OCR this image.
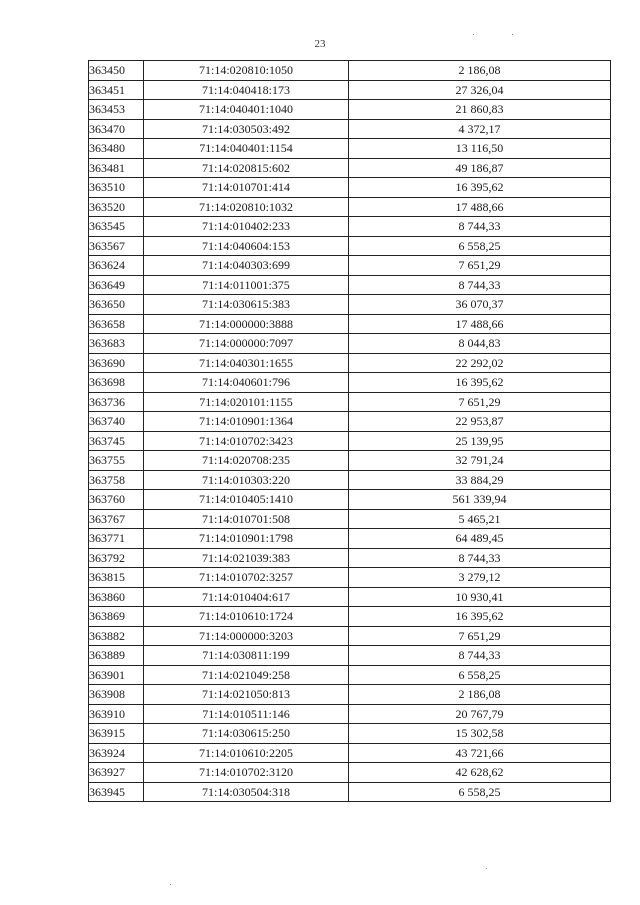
23
363450	71:14:020810:1050	2 186,08
363451	71:14:040418:173	27 326,04
363453	71:14:040401:1040	21 860,83
363470	71:14:030503:492	4 372,17
363480	71:14:040401:1154	13 116,50
363481	71:14:020815:602	49 186,87
363510	71:14:010701:414	16 395,62
363520	71:14:020810:1032	17 488,66
363545	71:14:010402:233	8 744,33
363567	71:14:040604:153	6 558,25
363624	71:14:040303:699	7 651,29
363649	71:14:011001:375	8 744,33
363650	71:14:030615:383	36 070,37
363658	71:14:000000:3888	17 488,66
363683	71:14:000000:7097	8 044,83
363690	71:14:040301:1655	22 292,02
363698	71:14:040601:796	16 395,62
363736	71:14:020101:1155	7 651,29
363740	71:14:010901:1364	22 953,87
363745	71:14:010702:3423	25 139,95
363755	71:14:020708:235	32 791,24
363758	71:14:010303:220	33 884,29
363760	71:14:010405:1410	561 339,94
363767	71:14:010701:508	5 465,21
363771	71:14:010901:1798	64 489,45
363792	71:14:021039:383	8 744,33
363815	71:14:010702:3257	3 279,12
363860	71:14:010404:617	10 930,41
363869	71:14:010610:1724	16 395,62
363882	71:14:000000:3203	7 651,29
363889	71:14:030811:199	8 744,33
363901	71:14:021049:258	6 558,25
363908	71:14:021050:813	2 186,08
363910	71:14:010511:146	20 767,79
363915	71:14:030615:250	15 302,58
363924	71:14:010610:2205	43 721,66
363927	71:14:010702:3120	42 628,62
363945	71:14:030504:318	6 558,25
